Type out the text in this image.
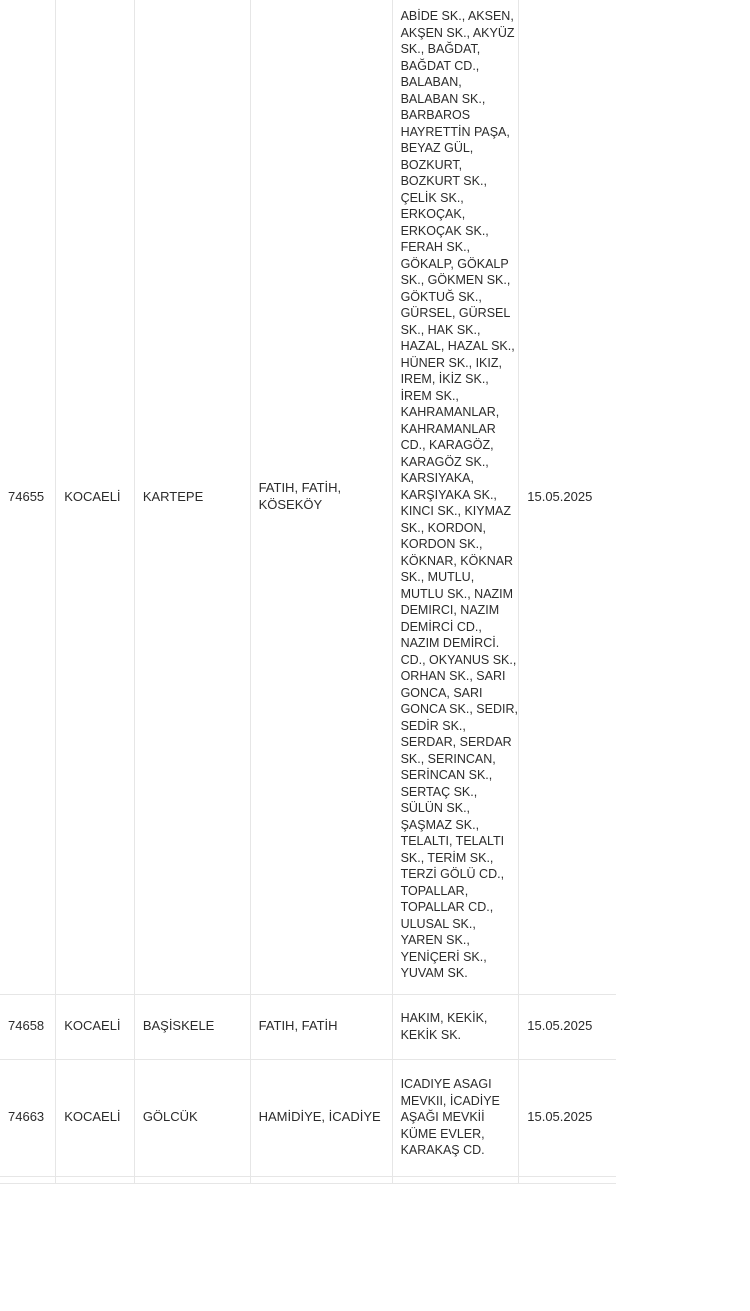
74655	KOCAELİ	KARTEPE	FATIH, FATİH, KÖSEKÖY	ABİDE SK., AKSEN, AKŞEN SK., AKYÜZ SK., BAĞDAT, BAĞDAT CD., BALABAN, BALABAN SK., BARBAROS HAYRETTİN PAŞA, BEYAZ GÜL, BOZKURT, BOZKURT SK., ÇELİK SK., ERKOÇAK, ERKOÇAK SK., FERAH SK., GÖKALP, GÖKALP SK., GÖKMEN SK., GÖKTUĞ SK., GÜRSEL, GÜRSEL SK., HAK SK., HAZAL, HAZAL SK., HÜNER SK., IKIZ, IREM, İKİZ SK., İREM SK., KAHRAMANLAR, KAHRAMANLAR CD., KARAGÖZ, KARAGÖZ SK., KARSIYAKA, KARŞIYAKA SK., KINCI SK., KIYMAZ SK., KORDON, KORDON SK., KÖKNAR, KÖKNAR SK., MUTLU, MUTLU SK., NAZIM DEMIRCI, NAZIM DEMİRCİ CD., NAZIM DEMİRCİ. CD., OKYANUS SK., ORHAN SK., SARI GONCA, SARI GONCA SK., SEDIR, SEDİR SK., SERDAR, SERDAR SK., SERINCAN, SERİNCAN SK., SERTAÇ SK., SÜLÜN SK., ŞAŞMAZ SK., TELALTI, TELALTI SK., TERİM SK., TERZİ GÖLÜ CD., TOPALLAR, TOPALLAR CD., ULUSAL SK., YAREN SK., YENİÇERİ SK., YUVAM SK.	15.05.2025
74658	KOCAELİ	BAŞİSKELE	FATIH, FATİH	HAKIM, KEKİK, KEKİK SK.	15.05.2025
74663	KOCAELİ	GÖLCÜK	HAMİDİYE, İCADİYE	ICADIYE ASAGI MEVKII, İCADİYE AŞAĞI MEVKİİ KÜME EVLER, KARAKAŞ CD.	15.05.2025
